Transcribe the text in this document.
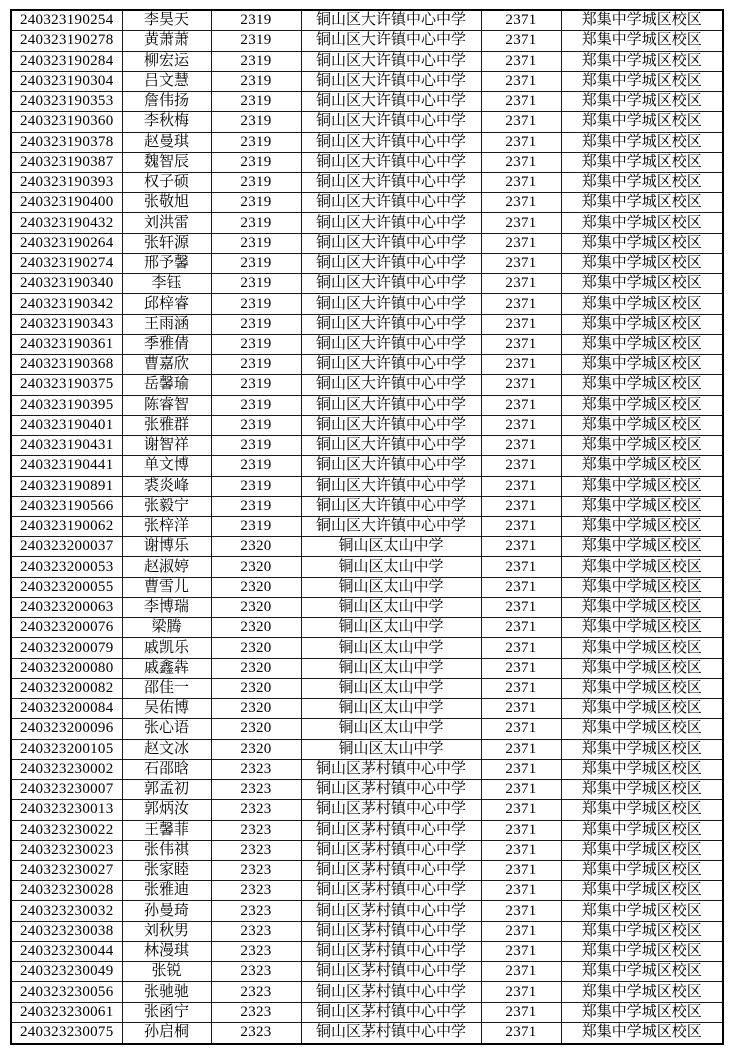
240323190254	李昊天	2319	铜山区大许镇中心中学	2371	郑集中学城区校区
240323190278	黄萧萧	2319	铜山区大许镇中心中学	2371	郑集中学城区校区
240323190284	柳宏运	2319	铜山区大许镇中心中学	2371	郑集中学城区校区
240323190304	吕文慧	2319	铜山区大许镇中心中学	2371	郑集中学城区校区
240323190353	詹伟扬	2319	铜山区大许镇中心中学	2371	郑集中学城区校区
240323190360	李秋梅	2319	铜山区大许镇中心中学	2371	郑集中学城区校区
240323190378	赵曼琪	2319	铜山区大许镇中心中学	2371	郑集中学城区校区
240323190387	魏智辰	2319	铜山区大许镇中心中学	2371	郑集中学城区校区
240323190393	权子硕	2319	铜山区大许镇中心中学	2371	郑集中学城区校区
240323190400	张敬旭	2319	铜山区大许镇中心中学	2371	郑集中学城区校区
240323190432	刘洪雷	2319	铜山区大许镇中心中学	2371	郑集中学城区校区
240323190264	张轩源	2319	铜山区大许镇中心中学	2371	郑集中学城区校区
240323190274	邢予馨	2319	铜山区大许镇中心中学	2371	郑集中学城区校区
240323190340	李钰	2319	铜山区大许镇中心中学	2371	郑集中学城区校区
240323190342	邱梓睿	2319	铜山区大许镇中心中学	2371	郑集中学城区校区
240323190343	王雨涵	2319	铜山区大许镇中心中学	2371	郑集中学城区校区
240323190361	季雅倩	2319	铜山区大许镇中心中学	2371	郑集中学城区校区
240323190368	曹嘉欣	2319	铜山区大许镇中心中学	2371	郑集中学城区校区
240323190375	岳馨瑜	2319	铜山区大许镇中心中学	2371	郑集中学城区校区
240323190395	陈睿智	2319	铜山区大许镇中心中学	2371	郑集中学城区校区
240323190401	张雅群	2319	铜山区大许镇中心中学	2371	郑集中学城区校区
240323190431	谢智祥	2319	铜山区大许镇中心中学	2371	郑集中学城区校区
240323190441	单文博	2319	铜山区大许镇中心中学	2371	郑集中学城区校区
240323190891	裘炎峰	2319	铜山区大许镇中心中学	2371	郑集中学城区校区
240323190566	张毅宁	2319	铜山区大许镇中心中学	2371	郑集中学城区校区
240323190062	张梓洋	2319	铜山区大许镇中心中学	2371	郑集中学城区校区
240323200037	谢博乐	2320	铜山区太山中学	2371	郑集中学城区校区
240323200053	赵淑婷	2320	铜山区太山中学	2371	郑集中学城区校区
240323200055	曹雪儿	2320	铜山区太山中学	2371	郑集中学城区校区
240323200063	李博瑞	2320	铜山区太山中学	2371	郑集中学城区校区
240323200076	梁腾	2320	铜山区太山中学	2371	郑集中学城区校区
240323200079	戚凯乐	2320	铜山区太山中学	2371	郑集中学城区校区
240323200080	戚鑫犇	2320	铜山区太山中学	2371	郑集中学城区校区
240323200082	邵佳一	2320	铜山区太山中学	2371	郑集中学城区校区
240323200084	吴佑博	2320	铜山区太山中学	2371	郑集中学城区校区
240323200096	张心语	2320	铜山区太山中学	2371	郑集中学城区校区
240323200105	赵文冰	2320	铜山区太山中学	2371	郑集中学城区校区
240323230002	石邵晗	2323	铜山区茅村镇中心中学	2371	郑集中学城区校区
240323230007	郭孟初	2323	铜山区茅村镇中心中学	2371	郑集中学城区校区
240323230013	郭炳汝	2323	铜山区茅村镇中心中学	2371	郑集中学城区校区
240323230022	王馨菲	2323	铜山区茅村镇中心中学	2371	郑集中学城区校区
240323230023	张伟祺	2323	铜山区茅村镇中心中学	2371	郑集中学城区校区
240323230027	张家睦	2323	铜山区茅村镇中心中学	2371	郑集中学城区校区
240323230028	张雅迪	2323	铜山区茅村镇中心中学	2371	郑集中学城区校区
240323230032	孙曼琦	2323	铜山区茅村镇中心中学	2371	郑集中学城区校区
240323230038	刘秋男	2323	铜山区茅村镇中心中学	2371	郑集中学城区校区
240323230044	林漫琪	2323	铜山区茅村镇中心中学	2371	郑集中学城区校区
240323230049	张锐	2323	铜山区茅村镇中心中学	2371	郑集中学城区校区
240323230056	张驰驰	2323	铜山区茅村镇中心中学	2371	郑集中学城区校区
240323230061	张函宁	2323	铜山区茅村镇中心中学	2371	郑集中学城区校区
240323230075	孙启桐	2323	铜山区茅村镇中心中学	2371	郑集中学城区校区
